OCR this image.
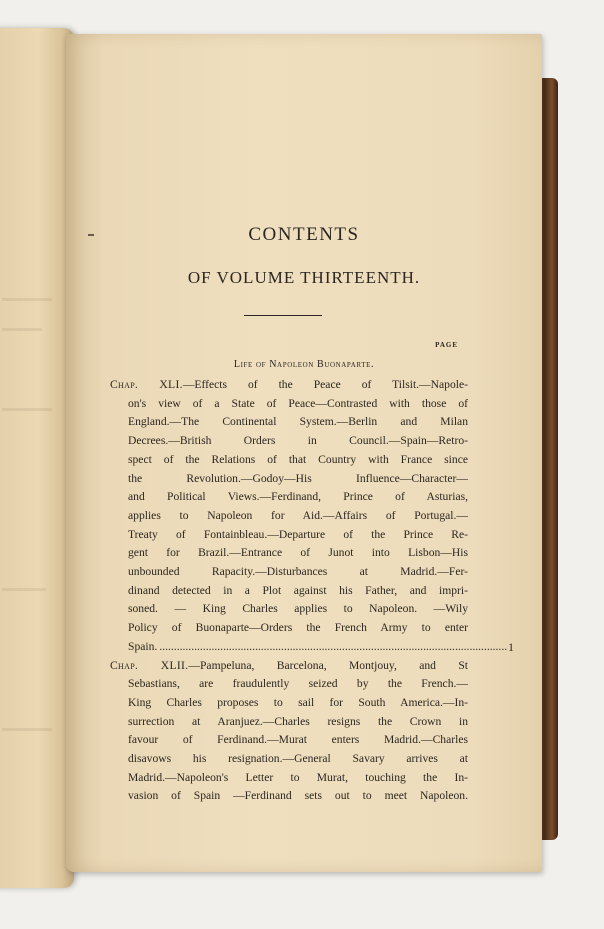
CONTENTS
OF VOLUME THIRTEENTH.
PAGE
Life of Napoleon Buonaparte.
Chap. XLI.—Effects of the Peace of Tilsit.—Napole-
on's view of a State of Peace—Contrasted with those of
England.—The Continental System.—Berlin and Milan
Decrees.—British Orders in Council.—Spain—Retro-
spect of the Relations of that Country with France since
the Revolution.—Godoy—His Influence—Character—
and Political Views.—Ferdinand, Prince of Asturias,
applies to Napoleon for Aid.—Affairs of Portugal.—
Treaty of Fontainbleau.—Departure of the Prince Re-
gent for Brazil.—Entrance of Junot into Lisbon—His
unbounded Rapacity.—Disturbances at Madrid.—Fer-
dinand detected in a Plot against his Father, and impri-
soned. — King Charles applies to Napoleon. —Wily
Policy of Buonaparte—Orders the French Army to enter
Spain. ........................................................................................................................ 1
Chap. XLII.—Pampeluna, Barcelona, Montjouy, and St
Sebastians, are fraudulently seized by the French.—
King Charles proposes to sail for South America.—In-
surrection at Aranjuez.—Charles resigns the Crown in
favour of Ferdinand.—Murat enters Madrid.—Charles
disavows his resignation.—General Savary arrives at
Madrid.—Napoleon's Letter to Murat, touching the In-
vasion of Spain —Ferdinand sets out to meet Napoleon.
